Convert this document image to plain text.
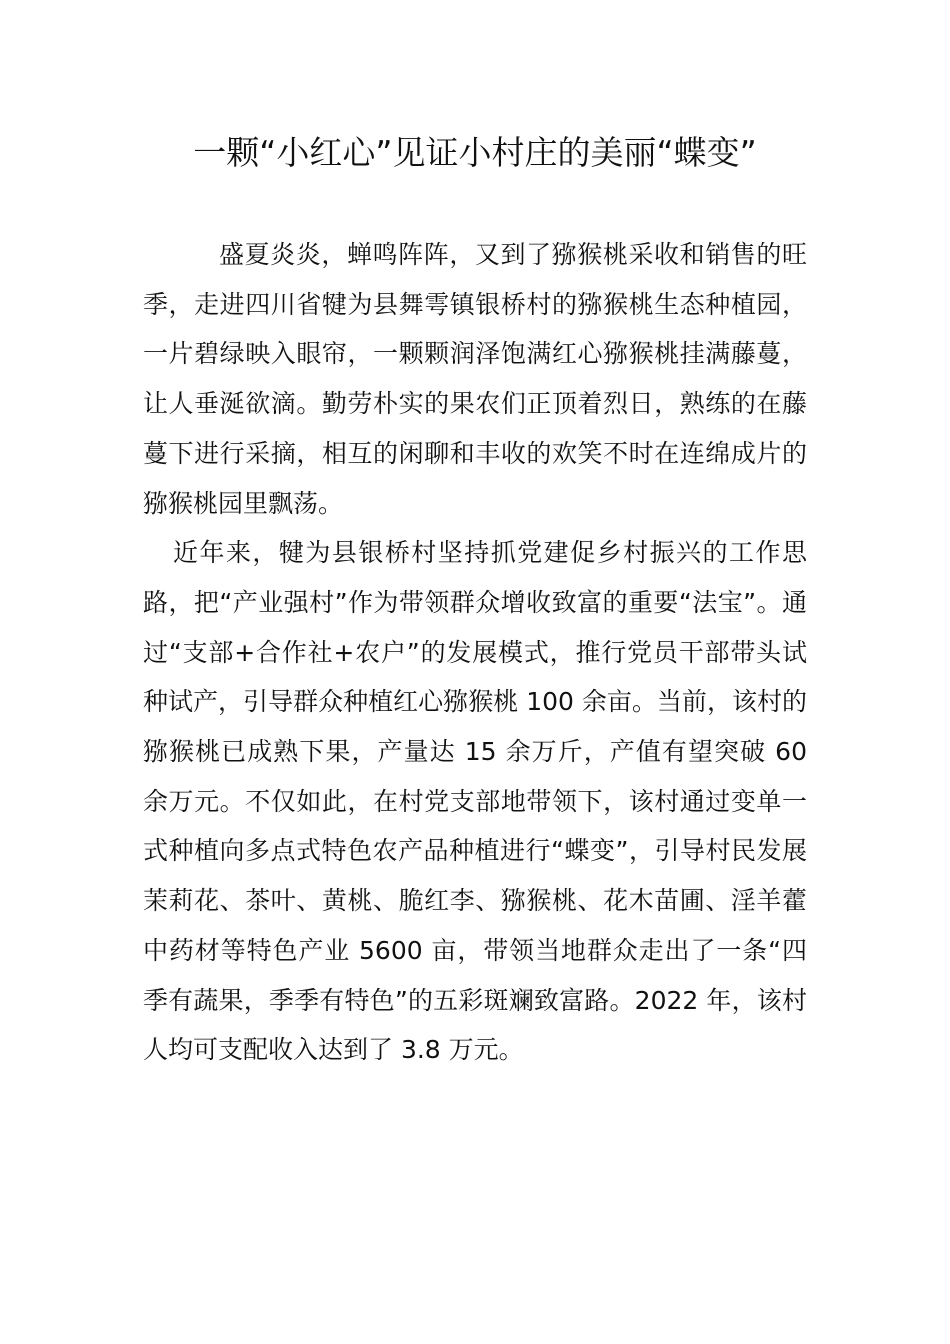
一颗“小红心”见证小村庄的美丽“蝶变”

盛夏炎炎，蝉鸣阵阵，又到了猕猴桃采收和销售的旺季，走进四川省犍为县舞雩镇银桥村的猕猴桃生态种植园，一片碧绿映入眼帘，一颗颗润泽饱满红心猕猴桃挂满藤蔓，让人垂涎欲滴。勤劳朴实的果农们正顶着烈日，熟练的在藤蔓下进行采摘，相互的闲聊和丰收的欢笑不时在连绵成片的猕猴桃园里飘荡。

近年来，犍为县银桥村坚持抓党建促乡村振兴的工作思路，把“产业强村”作为带领群众增收致富的重要“法宝”。通过“支部+合作社+农户”的发展模式，推行党员干部带头试种试产，引导群众种植红心猕猴桃 100 余亩。当前，该村的猕猴桃已成熟下果，产量达 15 余万斤，产值有望突破 60 余万元。不仅如此，在村党支部地带领下，该村通过变单一式种植向多点式特色农产品种植进行“蝶变”，引导村民发展茉莉花、茶叶、黄桃、脆红李、猕猴桃、花木苗圃、淫羊藿中药材等特色产业 5600 亩，带领当地群众走出了一条“四季有蔬果，季季有特色”的五彩斑斓致富路。2022 年，该村人均可支配收入达到了 3.8 万元。
